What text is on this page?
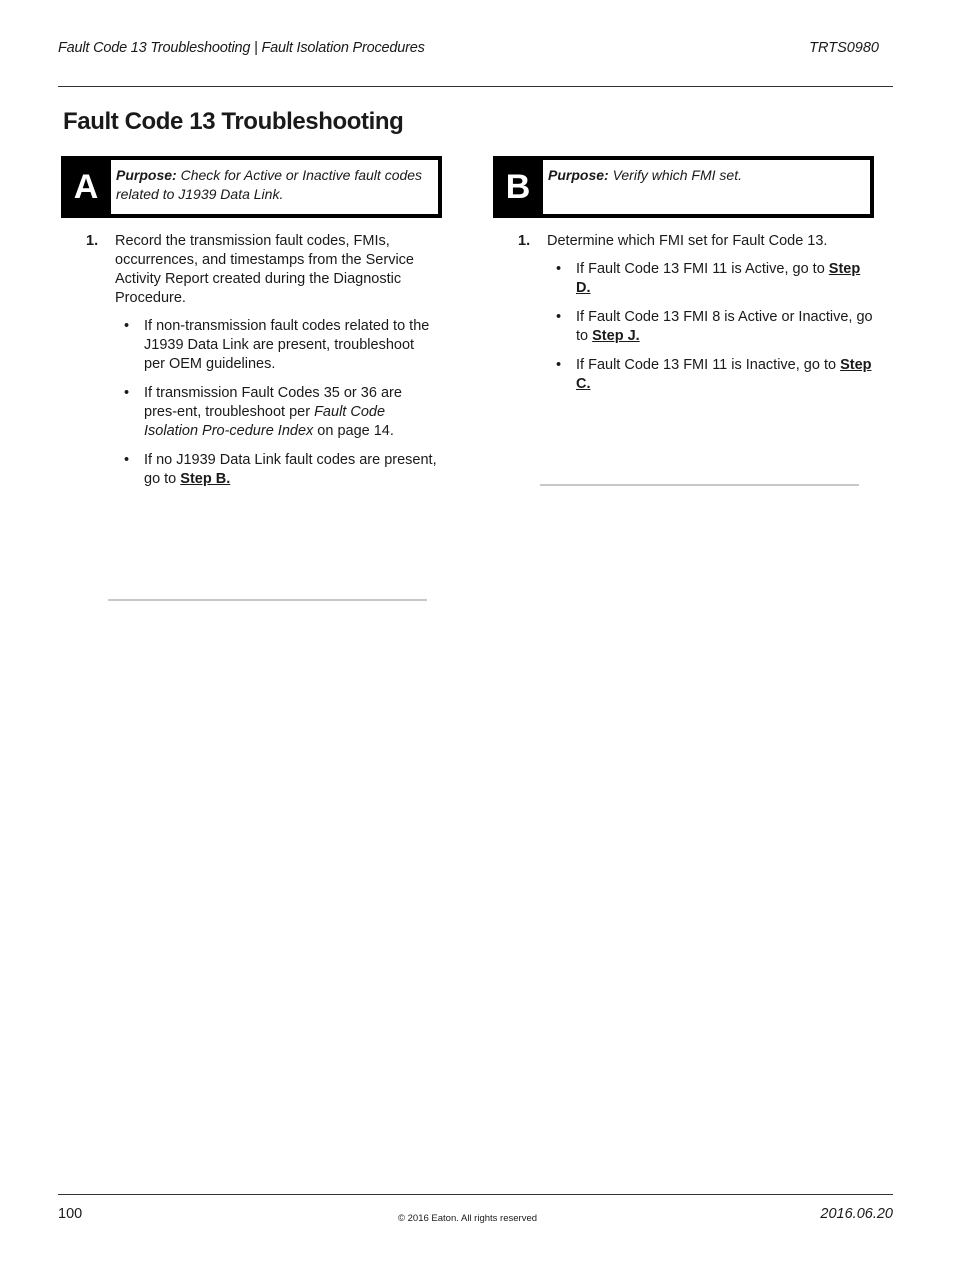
Fault Code 13 Troubleshooting | Fault Isolation Procedures	TRTS0980
Fault Code 13 Troubleshooting
A	Purpose: Check for Active or Inactive fault codes related to J1939 Data Link.	B	Purpose: Verify which FMI set.
1. Record the transmission fault codes, FMIs, occurrences, and timestamps from the Service Activity Report created during the Diagnostic Procedure.
• If non-transmission fault codes related to the J1939 Data Link are present, troubleshoot per OEM guidelines.
• If transmission Fault Codes 35 or 36 are pres-ent, troubleshoot per Fault Code Isolation Pro-cedure Index on page 14.
• If no J1939 Data Link fault codes are present, go to Step B.
1. Determine which FMI set for Fault Code 13.
• If Fault Code 13 FMI 11 is Active, go to Step D.
• If Fault Code 13 FMI 8 is Active or Inactive, go to Step J.
• If Fault Code 13 FMI 11 is Inactive, go to Step C.
100	© 2016 Eaton. All rights reserved	2016.06.20
